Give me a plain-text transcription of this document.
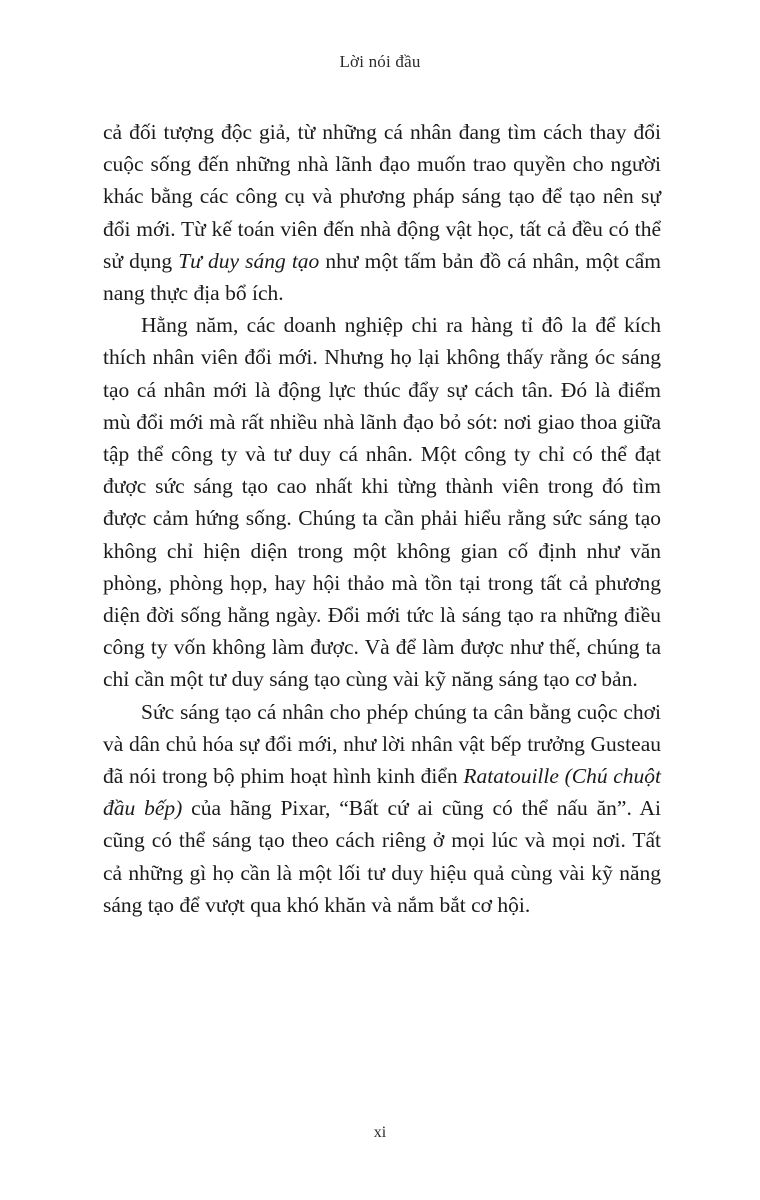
Lời nói đầu

cả đối tượng độc giả, từ những cá nhân đang tìm cách thay đổi cuộc sống đến những nhà lãnh đạo muốn trao quyền cho người khác bằng các công cụ và phương pháp sáng tạo để tạo nên sự đổi mới. Từ kế toán viên đến nhà động vật học, tất cả đều có thể sử dụng Tư duy sáng tạo như một tấm bản đồ cá nhân, một cẩm nang thực địa bổ ích.

Hằng năm, các doanh nghiệp chi ra hàng tỉ đô la để kích thích nhân viên đổi mới. Nhưng họ lại không thấy rằng óc sáng tạo cá nhân mới là động lực thúc đẩy sự cách tân. Đó là điểm mù đổi mới mà rất nhiều nhà lãnh đạo bỏ sót: nơi giao thoa giữa tập thể công ty và tư duy cá nhân. Một công ty chỉ có thể đạt được sức sáng tạo cao nhất khi từng thành viên trong đó tìm được cảm hứng sống. Chúng ta cần phải hiểu rằng sức sáng tạo không chỉ hiện diện trong một không gian cố định như văn phòng, phòng họp, hay hội thảo mà tồn tại trong tất cả phương diện đời sống hằng ngày. Đổi mới tức là sáng tạo ra những điều công ty vốn không làm được. Và để làm được như thế, chúng ta chỉ cần một tư duy sáng tạo cùng vài kỹ năng sáng tạo cơ bản.

Sức sáng tạo cá nhân cho phép chúng ta cân bằng cuộc chơi và dân chủ hóa sự đổi mới, như lời nhân vật bếp trưởng Gusteau đã nói trong bộ phim hoạt hình kinh điển Ratatouille (Chú chuột đầu bếp) của hãng Pixar, “Bất cứ ai cũng có thể nấu ăn”. Ai cũng có thể sáng tạo theo cách riêng ở mọi lúc và mọi nơi. Tất cả những gì họ cần là một lối tư duy hiệu quả cùng vài kỹ năng sáng tạo để vượt qua khó khăn và nắm bắt cơ hội.

xi
